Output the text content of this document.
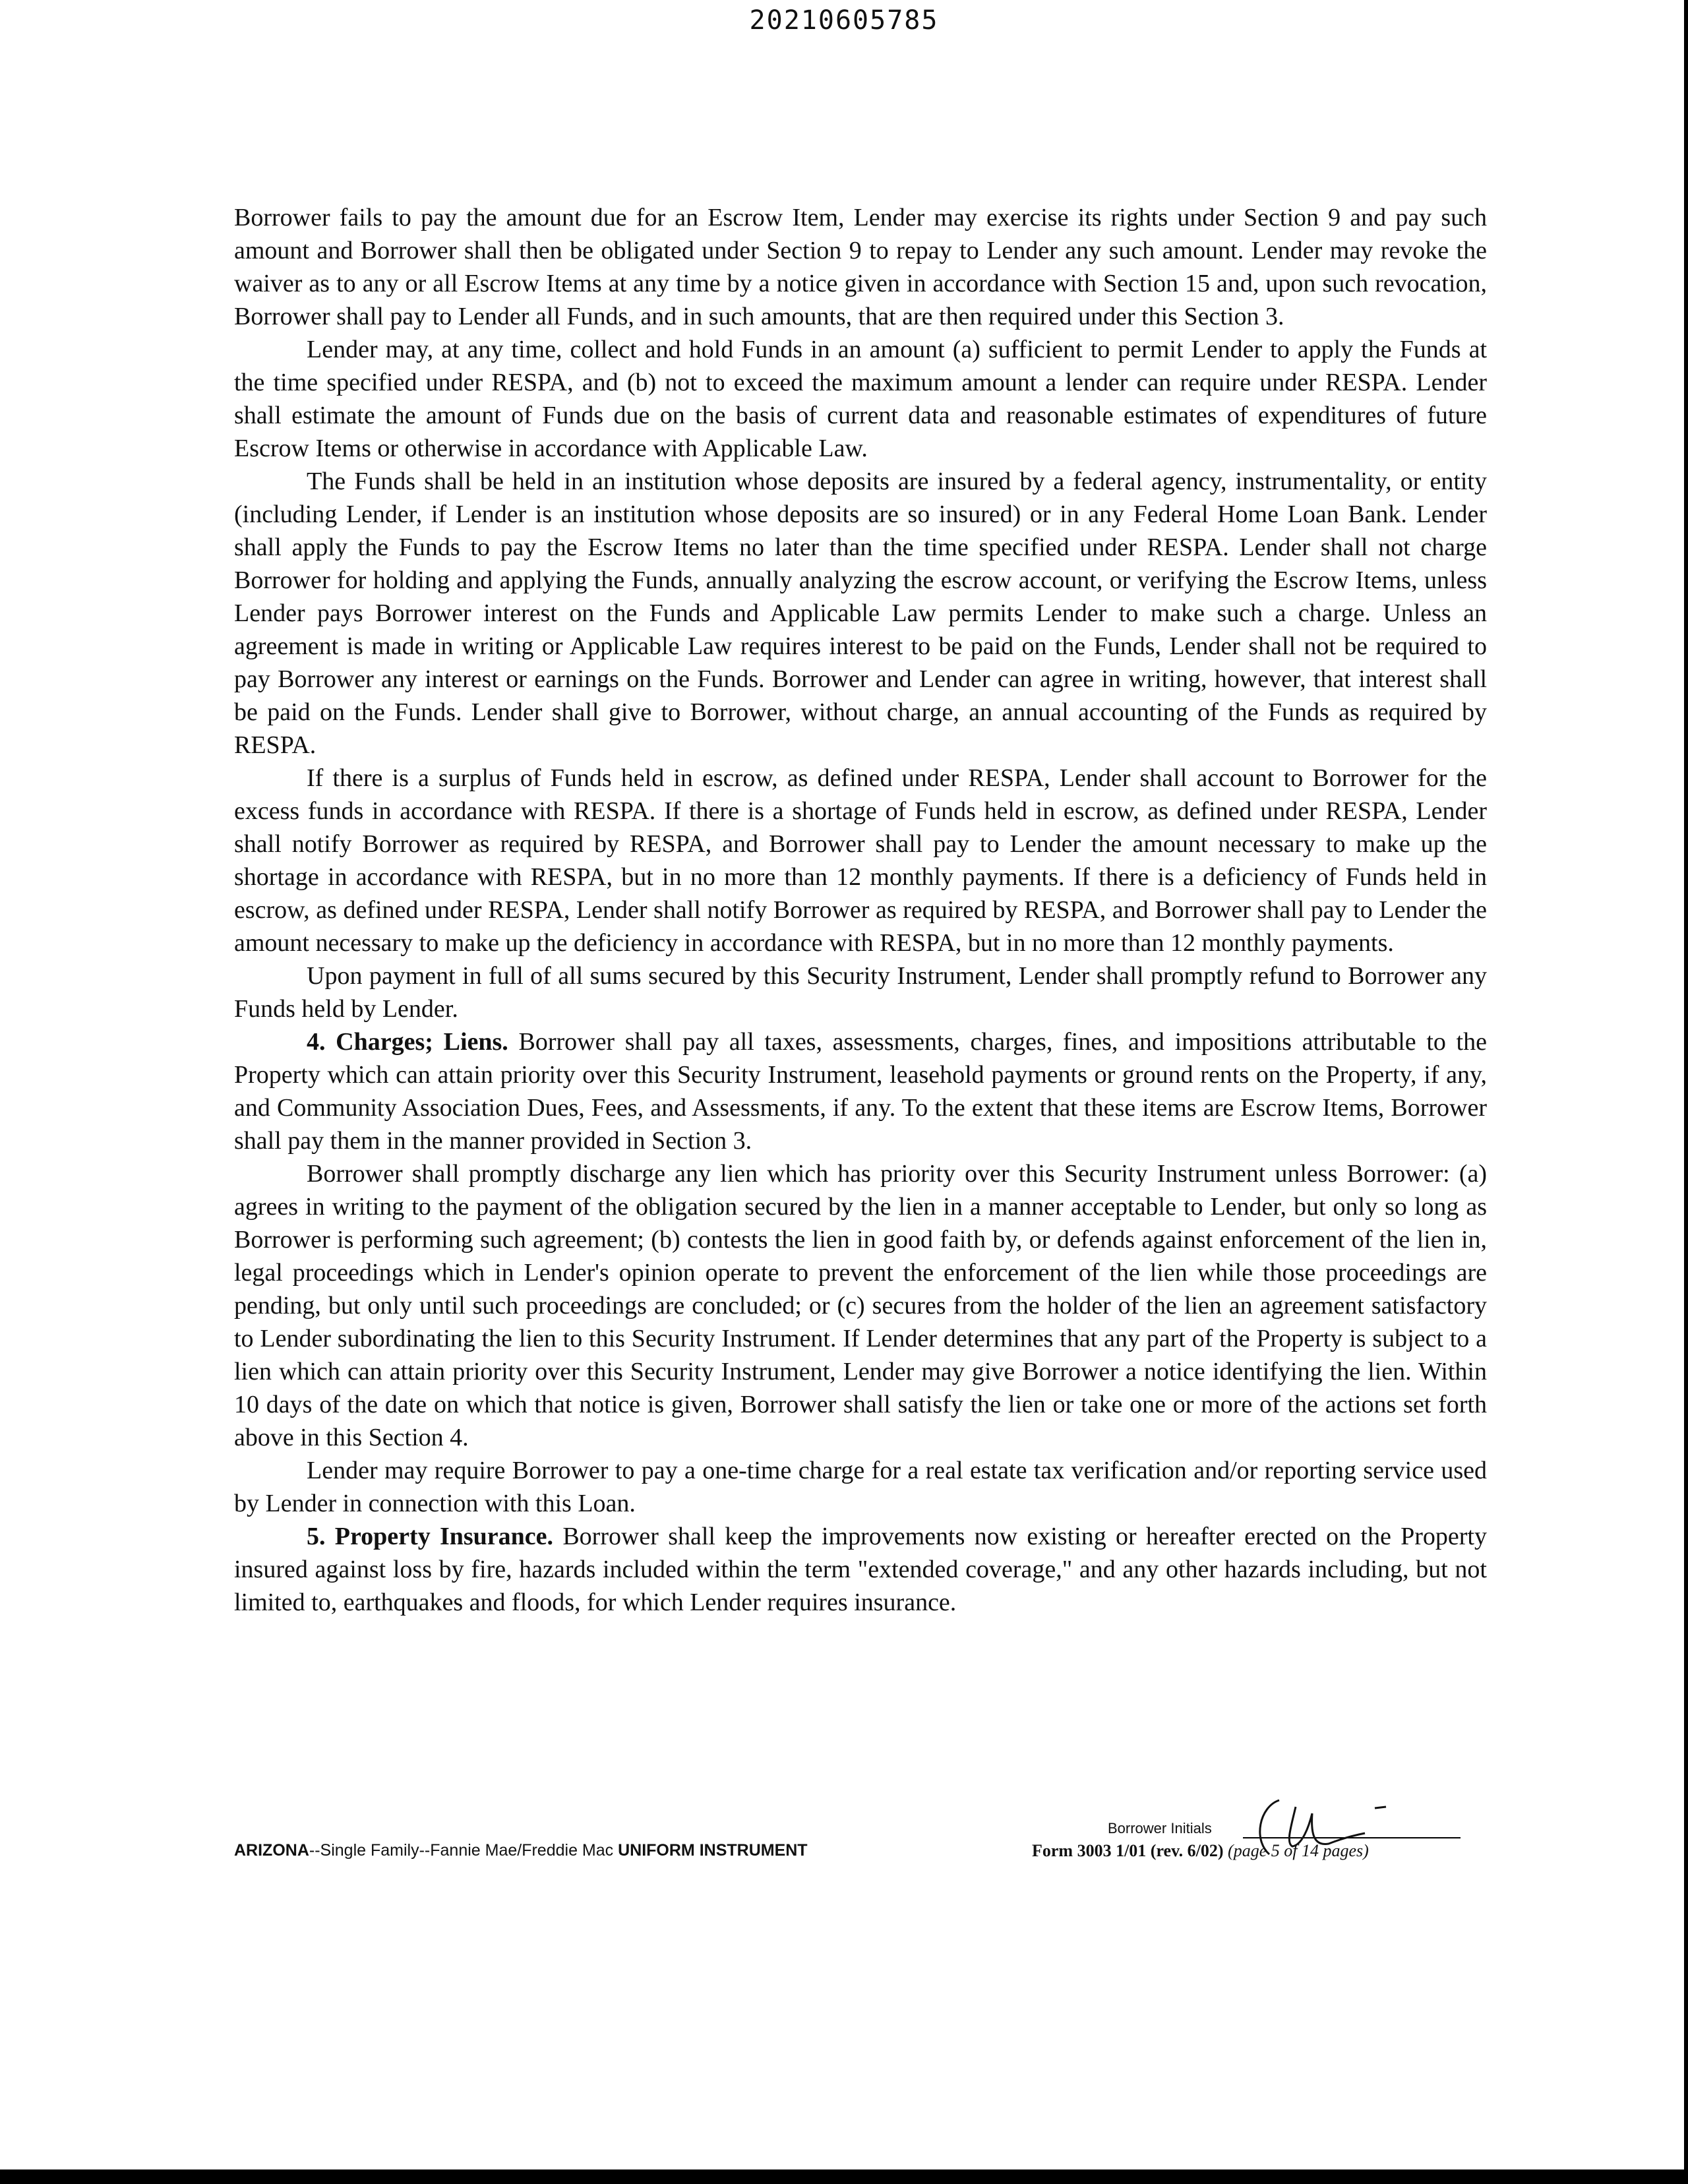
20210605785

Borrower fails to pay the amount due for an Escrow Item, Lender may exercise its rights under Section 9 and pay such amount and Borrower shall then be obligated under Section 9 to repay to Lender any such amount. Lender may revoke the waiver as to any or all Escrow Items at any time by a notice given in accordance with Section 15 and, upon such revocation, Borrower shall pay to Lender all Funds, and in such amounts, that are then required under this Section 3.

Lender may, at any time, collect and hold Funds in an amount (a) sufficient to permit Lender to apply the Funds at the time specified under RESPA, and (b) not to exceed the maximum amount a lender can require under RESPA. Lender shall estimate the amount of Funds due on the basis of current data and reasonable estimates of expenditures of future Escrow Items or otherwise in accordance with Applicable Law.

The Funds shall be held in an institution whose deposits are insured by a federal agency, instrumentality, or entity (including Lender, if Lender is an institution whose deposits are so insured) or in any Federal Home Loan Bank. Lender shall apply the Funds to pay the Escrow Items no later than the time specified under RESPA. Lender shall not charge Borrower for holding and applying the Funds, annually analyzing the escrow account, or verifying the Escrow Items, unless Lender pays Borrower interest on the Funds and Applicable Law permits Lender to make such a charge. Unless an agreement is made in writing or Applicable Law requires interest to be paid on the Funds, Lender shall not be required to pay Borrower any interest or earnings on the Funds. Borrower and Lender can agree in writing, however, that interest shall be paid on the Funds. Lender shall give to Borrower, without charge, an annual accounting of the Funds as required by RESPA.

If there is a surplus of Funds held in escrow, as defined under RESPA, Lender shall account to Borrower for the excess funds in accordance with RESPA. If there is a shortage of Funds held in escrow, as defined under RESPA, Lender shall notify Borrower as required by RESPA, and Borrower shall pay to Lender the amount necessary to make up the shortage in accordance with RESPA, but in no more than 12 monthly payments. If there is a deficiency of Funds held in escrow, as defined under RESPA, Lender shall notify Borrower as required by RESPA, and Borrower shall pay to Lender the amount necessary to make up the deficiency in accordance with RESPA, but in no more than 12 monthly payments.

Upon payment in full of all sums secured by this Security Instrument, Lender shall promptly refund to Borrower any Funds held by Lender.

4. Charges; Liens. Borrower shall pay all taxes, assessments, charges, fines, and impositions attributable to the Property which can attain priority over this Security Instrument, leasehold payments or ground rents on the Property, if any, and Community Association Dues, Fees, and Assessments, if any. To the extent that these items are Escrow Items, Borrower shall pay them in the manner provided in Section 3.

Borrower shall promptly discharge any lien which has priority over this Security Instrument unless Borrower: (a) agrees in writing to the payment of the obligation secured by the lien in a manner acceptable to Lender, but only so long as Borrower is performing such agreement; (b) contests the lien in good faith by, or defends against enforcement of the lien in, legal proceedings which in Lender's opinion operate to prevent the enforcement of the lien while those proceedings are pending, but only until such proceedings are concluded; or (c) secures from the holder of the lien an agreement satisfactory to Lender subordinating the lien to this Security Instrument. If Lender determines that any part of the Property is subject to a lien which can attain priority over this Security Instrument, Lender may give Borrower a notice identifying the lien. Within 10 days of the date on which that notice is given, Borrower shall satisfy the lien or take one or more of the actions set forth above in this Section 4.

Lender may require Borrower to pay a one-time charge for a real estate tax verification and/or reporting service used by Lender in connection with this Loan.

5. Property Insurance. Borrower shall keep the improvements now existing or hereafter erected on the Property insured against loss by fire, hazards included within the term "extended coverage," and any other hazards including, but not limited to, earthquakes and floods, for which Lender requires insurance.

Borrower Initials
ARIZONA--Single Family--Fannie Mae/Freddie Mac UNIFORM INSTRUMENT	Form 3003 1/01 (rev. 6/02) (page 5 of 14 pages)
